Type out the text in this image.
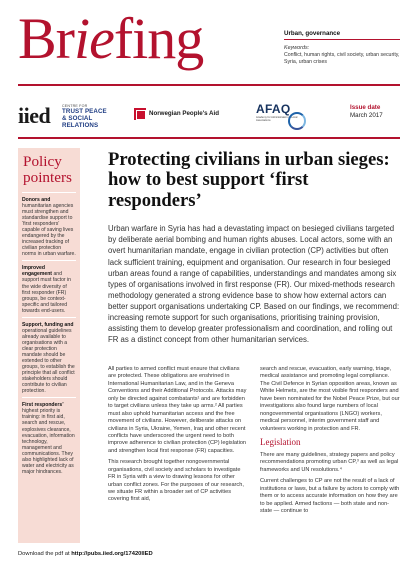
Briefing	Urban, governance
Keywords:
Conflict, human rights, civil society, urban security, Syria, urban crises
iied	CENTRE FOR
TRUST PEACE
& SOCIAL RELATIONS
Norwegian People's Aid	AFAQ
Academy for Administration of Local Associations
Issue date
March 2017
Policy pointers
Donors and humanitarian agencies must strengthen and standardise support to ‘first responders’ capable of saving lives endangered by the increased tracking of civilian protection norms in urban warfare.
Improved engagement and support must factor in the wide diversity of first responder (FR) groups, be context-specific and tailored towards end-users.
Support, funding and operational guidelines already available to organisations with a clear protection mandate should be extended to other groups, to establish the principle that all conflict stakeholders should contribute to civilian protection.
First responders’ highest priority is training: in first aid, search and rescue, explosives clearance, evacuation, information technology, management and communications. They also highlighted lack of water and electricity as major hindrances.
Protecting civilians in urban sieges: how to best support ‘first responders’

Urban warfare in Syria has had a devastating impact on besieged civilians targeted by deliberate aerial bombing and human rights abuses. Local actors, some with an overt humanitarian mandate, engage in civilian protection (CP) activities but often lack sufficient training, equipment and organisation. Our research in four besieged urban areas found a range of capabilities, understandings and mandates among six types of organisations involved in first response (FR). Our mixed-methods research methodology generated a strong evidence base to show how external actors can better support organisations undertaking CP. Based on our findings, we recommend: increasing remote support for such organisations, prioritising training provision, assisting them to develop greater professionalism and coordination, and rolling out FR as a distinct concept from other humanitarian services.

All parties to armed conflict must ensure that civilians are protected. These obligations are enshrined in International Humanitarian Law, and in the Geneva Conventions and their Additional Protocols. Attacks may only be directed against combatants¹ and are forbidden to target civilians unless they take up arms.² All parties must also uphold humanitarian access and the free movement of civilians. However, deliberate attacks on civilians in Syria, Ukraine, Yemen, Iraq and other recent conflicts have underscored the urgent need to both improve adherence to civilian protection (CP) legislation and strengthen local first response (FR) capacities.

This research brought together nongovernmental organisations, civil society and scholars to investigate FR in Syria with a view to drawing lessons for other urban conflict zones. For the purposes of our research, we situate FR within a broader set of CP activities covering first aid,

search and rescue, evacuation, early warning, triage, medical assistance and promoting legal compliance. The Civil Defence in Syrian opposition areas, known as White Helmets, are the most visible first responders and have been nominated for the Nobel Peace Prize, but our investigations also found large numbers of local nongovernmental organisations (LNGO) workers, medical personnel, interim government staff and volunteers working in protection and FR.

Legislation

There are many guidelines, strategy papers and policy recommendations promoting urban CP,³ as well as legal frameworks and UN resolutions.⁴

Current challenges to CP are not the result of a lack of institutions or laws, but a failure by actors to comply with them or to access accurate information on how they are to be applied. Armed factions — both state and non-state — continue to

Download the pdf at http://pubs.iied.org/17420IIED
